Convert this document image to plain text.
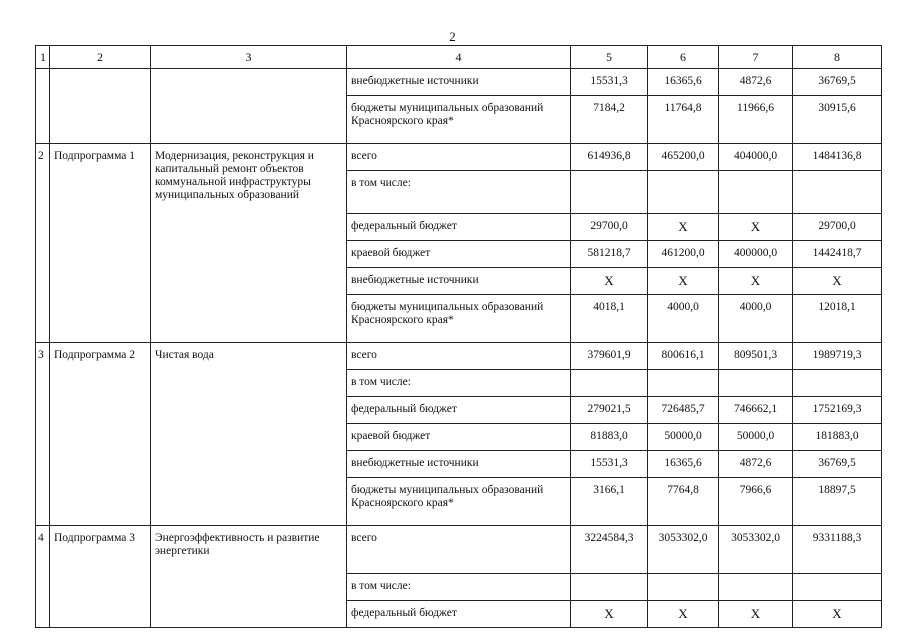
2
1	2	3	4	5	6	7	8
			внебюджетные источники	15531,3	16365,6	4872,6	36769,5
			бюджеты муниципальных образований Красноярского края*	7184,2	11764,8	11966,6	30915,6
2	Подпрограмма 1	Модернизация, реконструкция и капитальный ремонт объектов коммунальной инфраструктуры муниципальных образований	всего	614936,8	465200,0	404000,0	1484136,8
			в том числе:				
			федеральный бюджет	29700,0	X	X	29700,0
			краевой бюджет	581218,7	461200,0	400000,0	1442418,7
			внебюджетные источники	X	X	X	X
			бюджеты муниципальных образований Красноярского края*	4018,1	4000,0	4000,0	12018,1
3	Подпрограмма 2	Чистая вода	всего	379601,9	800616,1	809501,3	1989719,3
			в том числе:				
			федеральный бюджет	279021,5	726485,7	746662,1	1752169,3
			краевой бюджет	81883,0	50000,0	50000,0	181883,0
			внебюджетные источники	15531,3	16365,6	4872,6	36769,5
			бюджеты муниципальных образований Красноярского края*	3166,1	7764,8	7966,6	18897,5
4	Подпрограмма 3	Энергоэффективность и развитие энергетики	всего	3224584,3	3053302,0	3053302,0	9331188,3
			в том числе:				
			федеральный бюджет	X	X	X	X
